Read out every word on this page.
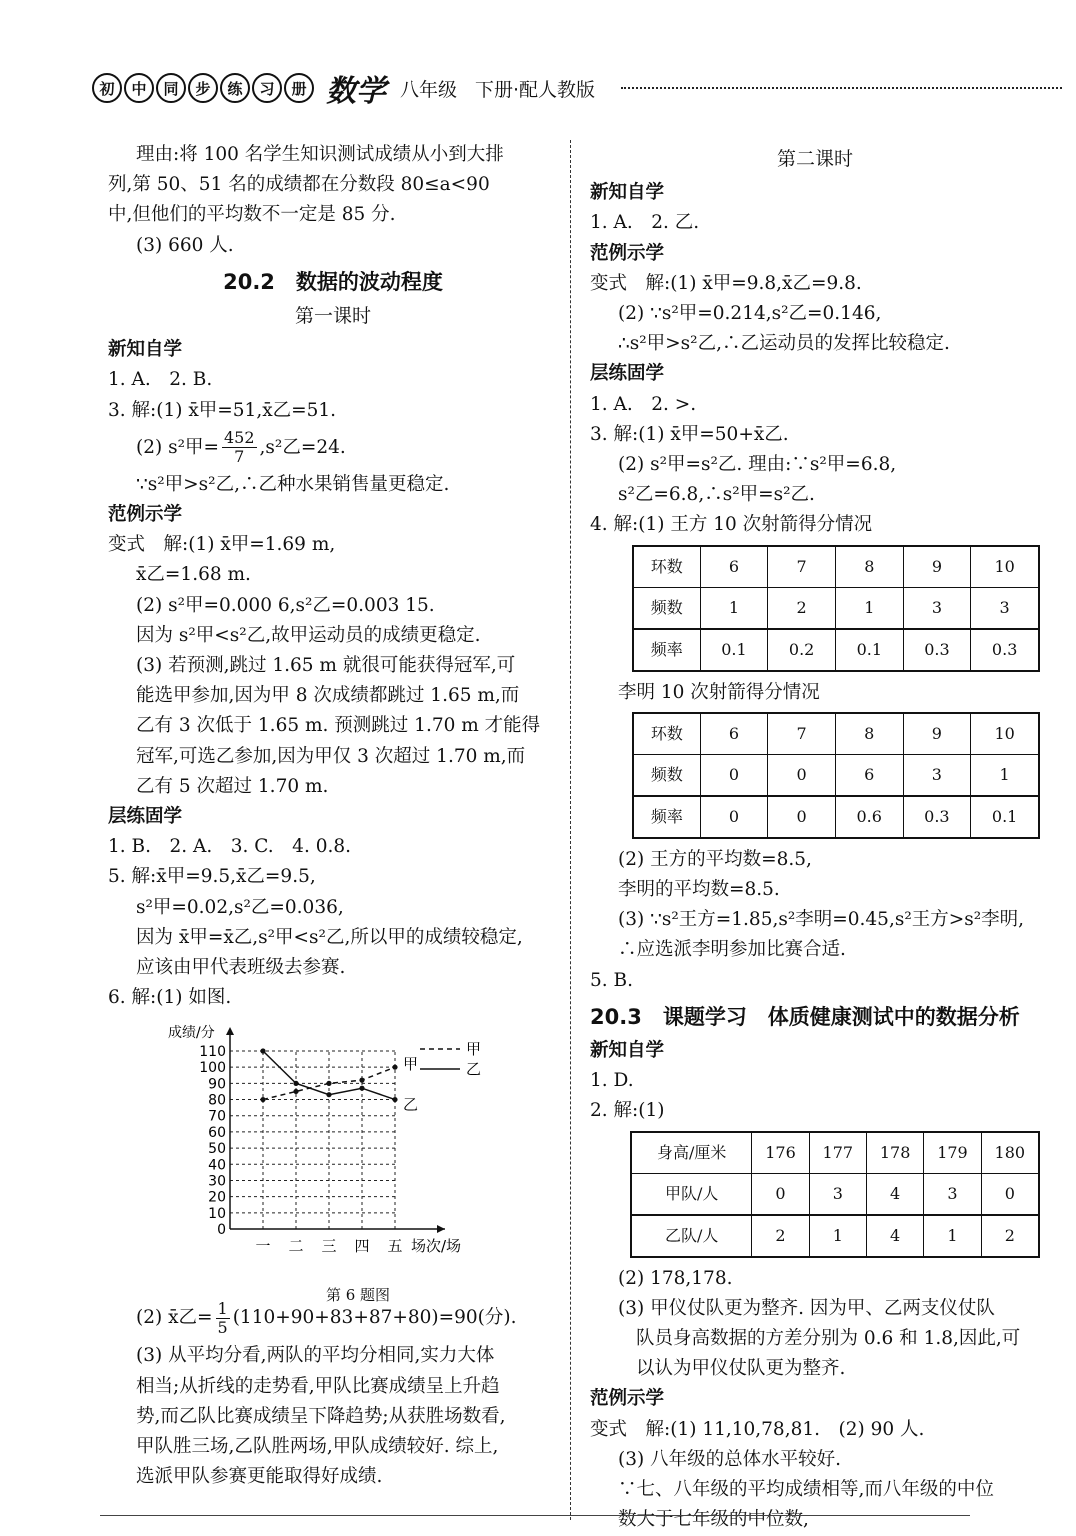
初	中	同	步	练	习	册 数学 八年级 下册·配人教版
理由:将 100 名学生知识测试成绩从小到大排
列,第 50、51 名的成绩都在分数段 80≤a<90
中,但他们的平均数不一定是 85 分.
(3) 660 人.
20.2　数据的波动程度
第一课时
新知自学
1. A.　2. B.
3. 解:(1) x̄甲=51,x̄乙=51.
(2) s²甲= $\frac{452}{7} ,s^2$乙=24.
∵s²甲>s²乙,∴乙种水果销售量更稳定.
范例示学
变式　解:(1) x̄甲=1.69 m,
x̄乙=1.68 m.
(2) s²甲=0.000 6,s²乙=0.003 15.
因为 s²甲<s²乙,故甲运动员的成绩更稳定.
(3) 若预测,跳过 1.65 m 就很可能获得冠军,可
能选甲参加,因为甲 8 次成绩都跳过 1.65 m,而
乙有 3 次低于 1.65 m. 预测跳过 1.70 m 才能得
冠军,可选乙参加,因为甲仅 3 次超过 1.70 m,而
乙有 5 次超过 1.70 m.
层练固学
1. B.　2. A.　3. C.　4. 0.8.
5. 解:x̄甲=9.5,x̄乙=9.5,
s²甲=0.02,s²乙=0.036,
因为 x̄甲=x̄乙,s²甲<s²乙,所以甲的成绩较稳定,
应该由甲代表班级去参赛.
6. 解:(1) 如图.
110
100
90
80
70
60
50
40
30
20
10
0
一 二 三 四 五 场次/场
成绩/分
甲
乙
甲
乙
第 6 题图
(2) x̄乙= $\frac{1}{5} (110+90+83+87+80)=90$(分).
(3) 从平均分看,两队的平均分相同,实力大体
相当;从折线的走势看,甲队比赛成绩呈上升趋
势,而乙队比赛成绩呈下降趋势;从获胜场数看,
甲队胜三场,乙队胜两场,甲队成绩较好. 综上,
选派甲队参赛更能取得好成绩.
第二课时
新知自学
1. A.　2. 乙.
范例示学
变式　解:(1) x̄甲=9.8,x̄乙=9.8.
(2) ∵s²甲=0.214,s²乙=0.146,
∴s²甲>s²乙,∴乙运动员的发挥比较稳定.
层练固学
1. A.　2. >.
3. 解:(1) x̄甲=50+x̄乙.
(2) s²甲=s²乙. 理由:∵s²甲=6.8,
s²乙=6.8,∴s²甲=s²乙.
4. 解:(1) 王方 10 次射箭得分情况
环数	6	7	8	9	10
频数	1	2	1	3	3
频率	0.1	0.2	0.1	0.3	0.3
李明 10 次射箭得分情况
环数	6	7	8	9	10
频数	0	0	6	3	1
频率	0	0	0.6	0.3	0.1
(2) 王方的平均数=8.5,
李明的平均数=8.5.
(3) ∵s²王方=1.85,s²李明=0.45,s²王方>s²李明,
∴应选派李明参加比赛合适.
5. B.
20.3　课题学习　体质健康测试中的数据分析
新知自学
1. D.
2. 解:(1)
身高/厘米	176	177	178	179	180
甲队/人	0	3	4	3	0
乙队/人	2	1	4	1	2
(2) 178,178.
(3) 甲仪仗队更为整齐. 因为甲、乙两支仪仗队
队员身高数据的方差分别为 0.6 和 1.8,因此,可
以认为甲仪仗队更为整齐.
范例示学
变式　解:(1) 11,10,78,81.　(2) 90 人.
(3) 八年级的总体水平较好.
∵七、八年级的平均成绩相等,而八年级的中位
数大于七年级的中位数,
